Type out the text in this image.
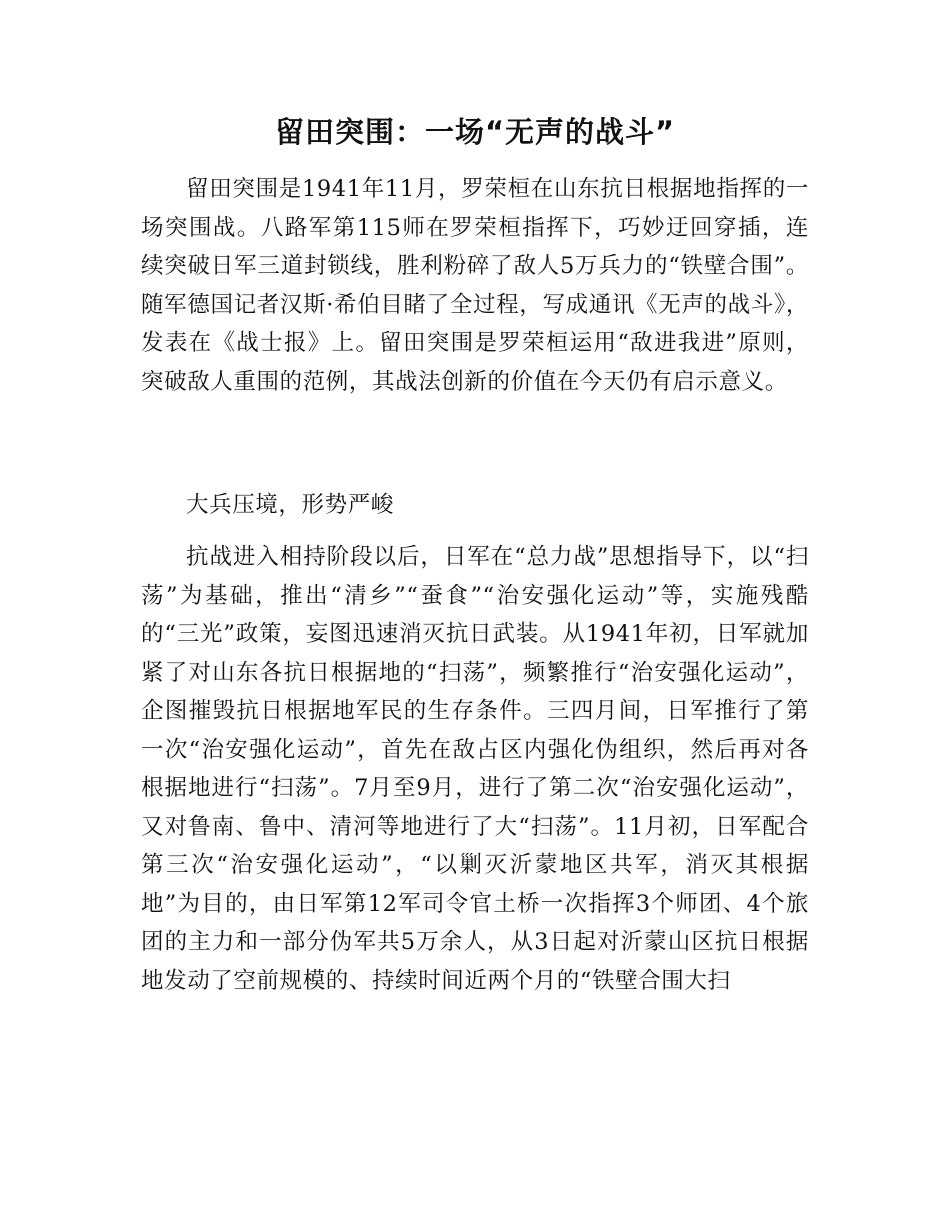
留田突围：一场“无声的战斗”

留田突围是1941年11月，罗荣桓在山东抗日根据地指挥的一场突围战。八路军第115师在罗荣桓指挥下，巧妙迂回穿插，连续突破日军三道封锁线，胜利粉碎了敌人5万兵力的“铁壁合围”。随军德国记者汉斯·希伯目睹了全过程，写成通讯《无声的战斗》，发表在《战士报》上。留田突围是罗荣桓运用“敌进我进”原则，突破敌人重围的范例，其战法创新的价值在今天仍有启示意义。

大兵压境，形势严峻

抗战进入相持阶段以后，日军在“总力战”思想指导下，以“扫荡”为基础，推出“清乡”“蚕食”“治安强化运动”等，实施残酷的“三光”政策，妄图迅速消灭抗日武装。从1941年初，日军就加紧了对山东各抗日根据地的“扫荡”，频繁推行“治安强化运动”，企图摧毁抗日根据地军民的生存条件。三四月间，日军推行了第一次“治安强化运动”，首先在敌占区内强化伪组织，然后再对各根据地进行“扫荡”。7月至9月，进行了第二次“治安强化运动”，又对鲁南、鲁中、清河等地进行了大“扫荡”。11月初，日军配合第三次“治安强化运动”，“以剿灭沂蒙地区共军，消灭其根据地”为目的，由日军第12军司令官土桥一次指挥3个师团、4个旅团的主力和一部分伪军共5万余人，从3日起对沂蒙山区抗日根据地发动了空前规模的、持续时间近两个月的“铁壁合围大扫
